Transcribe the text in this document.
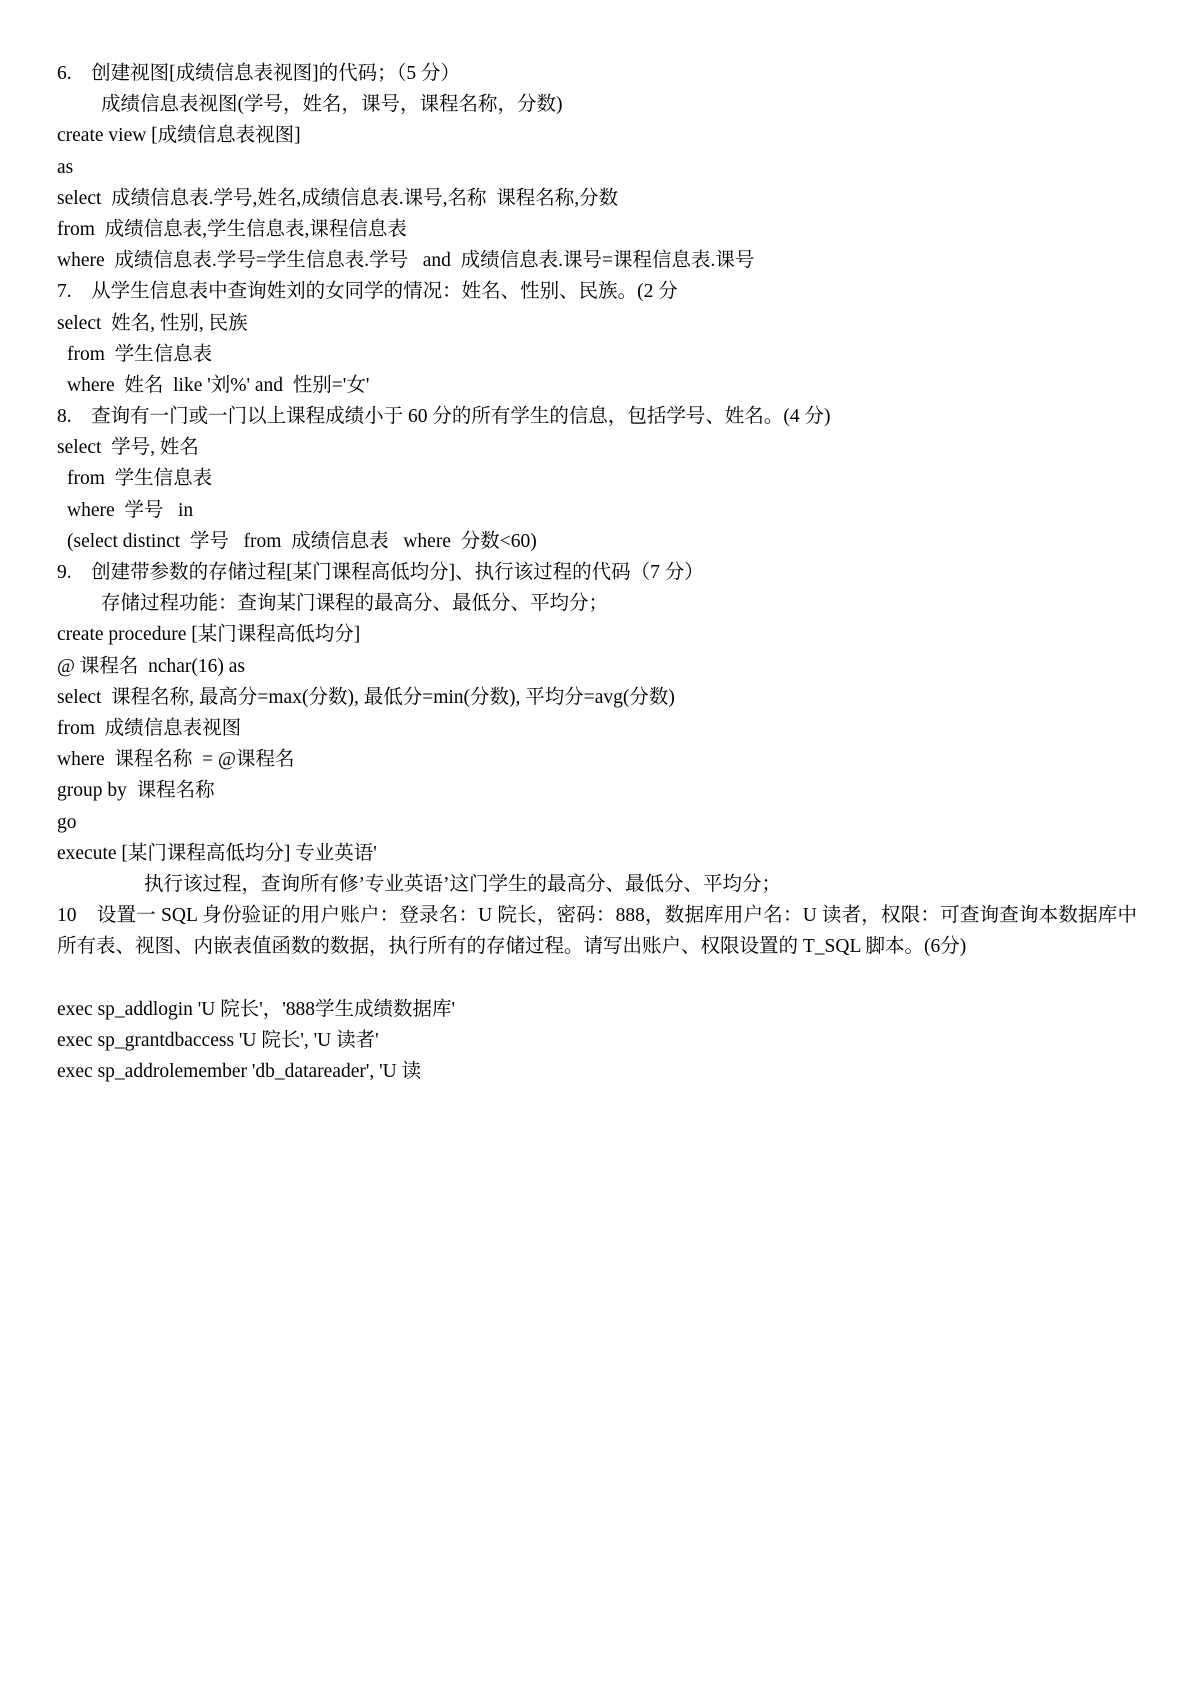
6.    创建视图[成绩信息表视图]的代码；（5 分）
成绩信息表视图(学号，姓名，课号，课程名称，分数)
create view [成绩信息表视图]
as
select  成绩信息表.学号,姓名,成绩信息表.课号,名称  课程名称,分数
from  成绩信息表,学生信息表,课程信息表
where  成绩信息表.学号=学生信息表.学号   and  成绩信息表.课号=课程信息表.课号
7.    从学生信息表中查询姓刘的女同学的情况：姓名、性别、民族。(2 分
select  姓名, 性别, 民族
from  学生信息表
where  姓名  like '刘%' and  性别='女'
8.    查询有一门或一门以上课程成绩小于 60 分的所有学生的信息，包括学号、姓名。(4 分)
select  学号, 姓名
from  学生信息表
where  学号   in
(select distinct  学号   from  成绩信息表   where  分数<60)
9.    创建带参数的存储过程[某门课程高低均分]、执行该过程的代码（7 分）
存储过程功能：查询某门课程的最高分、最低分、平均分；
create procedure [某门课程高低均分]
@ 课程名  nchar(16) as
select  课程名称, 最高分=max(分数), 最低分=min(分数), 平均分=avg(分数)
from  成绩信息表视图
where  课程名称  = @课程名
group by  课程名称
go
execute [某门课程高低均分] 专业英语'
执行该过程，查询所有修’专业英语’这门学生的最高分、最低分、平均分；
10    设置一 SQL 身份验证的用户账户：登录名：U 院长，密码：888，数据库用户名：U 读者，权限：可查询查询本数据库中所有表、视图、内嵌表值函数的数据，执行所有的存储过程。请写出账户、权限设置的 T_SQL 脚本。(6分)
exec sp_addlogin 'U 院长'，'888学生成绩数据库'
exec sp_grantdbaccess 'U 院长', 'U 读者'
exec sp_addrolemember 'db_datareader', 'U 读
